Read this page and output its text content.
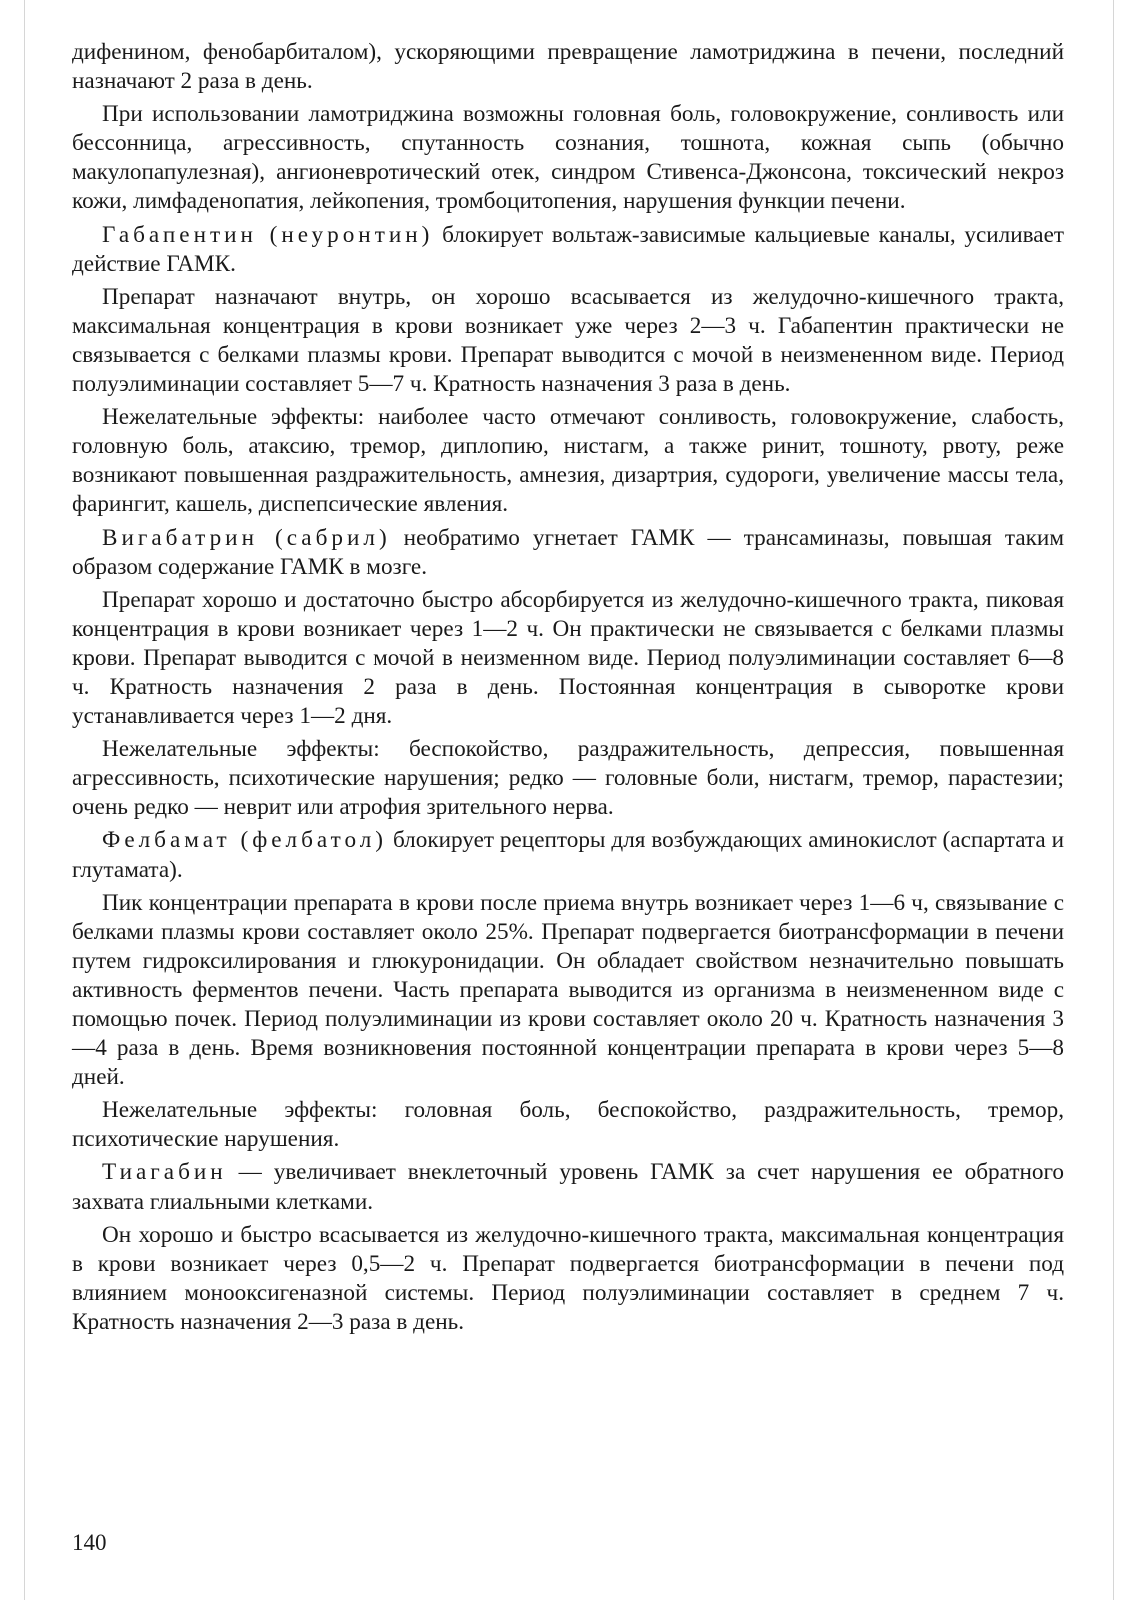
дифенином, фенобарбиталом), ускоряющими превращение ламотриджина в печени, последний назначают 2 раза в день.

При использовании ламотриджина возможны головная боль, головокружение, сонливость или бессонница, агрессивность, спутанность сознания, тошнота, кожная сыпь (обычно макулопапулезная), ангионевротический отек, синдром Стивенса-Джонсона, токсический некроз кожи, лимфаденопатия, лейкопения, тромбоцитопения, нарушения функции печени.

Габапентин (неуронтин) блокирует вольтаж-зависимые кальциевые каналы, усиливает действие ГАМК.

Препарат назначают внутрь, он хорошо всасывается из желудочно-кишечного тракта, максимальная концентрация в крови возникает уже через 2—3 ч. Габапентин практически не связывается с белками плазмы крови. Препарат выводится с мочой в неизмененном виде. Период полуэлиминации составляет 5—7 ч. Кратность назначения 3 раза в день.

Нежелательные эффекты: наиболее часто отмечают сонливость, головокружение, слабость, головную боль, атаксию, тремор, диплопию, нистагм, а также ринит, тошноту, рвоту, реже возникают повышенная раздражительность, амнезия, дизартрия, судороги, увеличение массы тела, фарингит, кашель, диспепсические явления.

Вигабатрин (сабрил) необратимо угнетает ГАМК — трансаминазы, повышая таким образом содержание ГАМК в мозге.

Препарат хорошо и достаточно быстро абсорбируется из желудочно-кишечного тракта, пиковая концентрация в крови возникает через 1—2 ч. Он практически не связывается с белками плазмы крови. Препарат выводится с мочой в неизменном виде. Период полуэлиминации составляет 6—8 ч. Кратность назначения 2 раза в день. Постоянная концентрация в сыворотке крови устанавливается через 1—2 дня.

Нежелательные эффекты: беспокойство, раздражительность, депрессия, повышенная агрессивность, психотические нарушения; редко — головные боли, нистагм, тремор, парастезии; очень редко — неврит или атрофия зрительного нерва.

Фелбамат (фелбатол) блокирует рецепторы для возбуждающих аминокислот (аспартата и глутамата).

Пик концентрации препарата в крови после приема внутрь возникает через 1—6 ч, связывание с белками плазмы крови составляет около 25%. Препарат подвергается биотрансформации в печени путем гидроксилирования и глюкуронидации. Он обладает свойством незначительно повышать активность ферментов печени. Часть препарата выводится из организма в неизмененном виде с помощью почек. Период полуэлиминации из крови составляет около 20 ч. Кратность назначения 3—4 раза в день. Время возникновения постоянной концентрации препарата в крови через 5—8 дней.

Нежелательные эффекты: головная боль, беспокойство, раздражительность, тремор, психотические нарушения.

Тиагабин — увеличивает внеклеточный уровень ГАМК за счет нарушения ее обратного захвата глиальными клетками.

Он хорошо и быстро всасывается из желудочно-кишечного тракта, максимальная концентрация в крови возникает через 0,5—2 ч. Препарат подвергается биотрансформации в печени под влиянием монооксигеназной системы. Период полуэлиминации составляет в среднем 7 ч. Кратность назначения 2—3 раза в день.

140
